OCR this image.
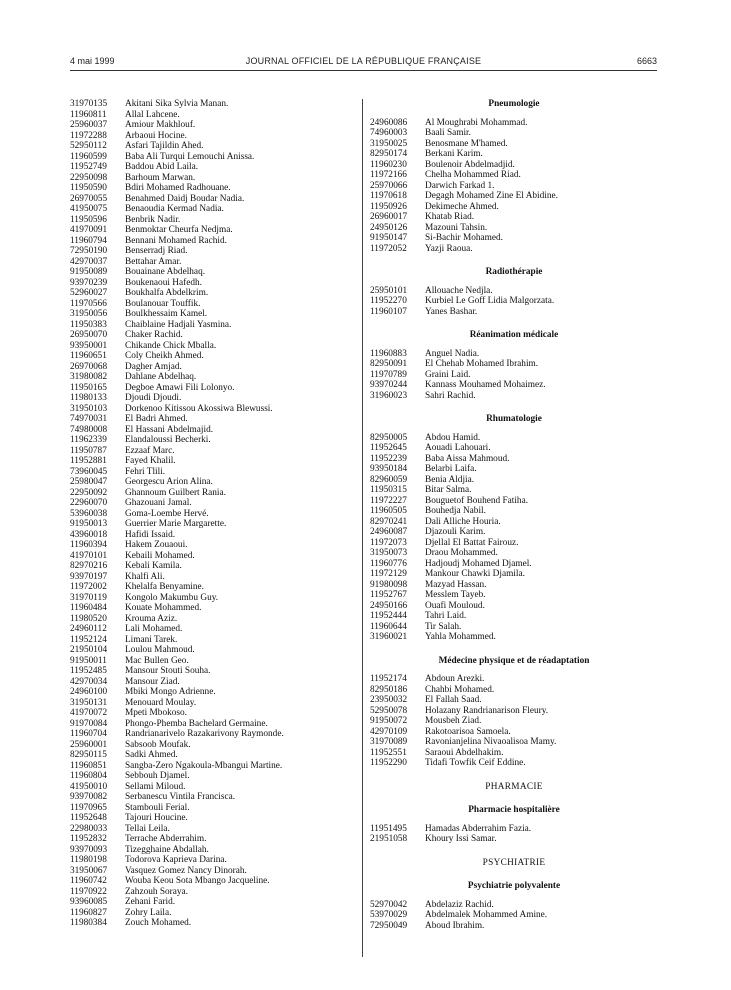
4 mai 1999	JOURNAL OFFICIEL DE LA RÉPUBLIQUE FRANÇAISE	6663
31970135 Akitani Sika Sylvia Manan.
11960811 Allal Lahcene.
25960037 Amiour Makhlouf.
11972288 Arbaoui Hocine.
52950112 Asfari Tajildin Ahed.
11960599 Baba Ali Turqui Lemouchi Anissa.
11952749 Baddou Abid Laila.
22950098 Barhoum Marwan.
11950590 Bdiri Mohamed Radhouane.
26970055 Benahmed Daidj Boudar Nadia.
41950075 Benaoudia Kermad Nadia.
11950596 Benbrik Nadir.
41970091 Benmoktar Cheurfa Nedjma.
11960794 Bennani Mohamed Rachid.
72950190 Benserradj Riad.
42970037 Bettahar Amar.
91950089 Bouainane Abdelhaq.
93970239 Boukenaoui Hafedh.
52960027 Boukhalfa Abdelkrim.
11970566 Boulanouar Touffik.
31950056 Boulkhessaim Kamel.
11950383 Chaiblaine Hadjali Yasmina.
26950070 Chaker Rachid.
93950001 Chikande Chick Mballa.
11960651 Coly Cheikh Ahmed.
26970068 Dagher Amjad.
31980082 Dahlane Abdelhaq.
11950165 Degboe Amawi Fili Lolonyo.
11980133 Djoudi Djoudi.
31950103 Dorkenoo Kitissou Akossiwa Blewussi.
74970031 El Badri Ahmed.
74980008 El Hassani Abdelmajid.
11962339 Elandaloussi Becherki.
11950787 Ezzaaf Marc.
11952881 Fayed Khalil.
73960045 Fehri Tlili.
25980047 Georgescu Arion Alina.
22950092 Ghannoum Guilbert Rania.
22960070 Ghazouani Jamal.
53960038 Goma-Loembe Hervé.
91950013 Guerrier Marie Margarette.
43960018 Hafidi Issaid.
11960394 Hakem Zouaoui.
41970101 Kebaili Mohamed.
82970216 Kebali Kamila.
93970197 Khalfi Ali.
11972002 Khelalfa Benyamine.
31970119 Kongolo Makumbu Guy.
11960484 Kouate Mohammed.
11980520 Krouma Aziz.
24960112 Lali Mohamed.
11952124 Limani Tarek.
21950104 Loulou Mahmoud.
91950011 Mac Bullen Geo.
11952485 Mansour Stouti Souha.
42970034 Mansour Ziad.
24960100 Mbiki Mongo Adrienne.
31950131 Menouard Moulay.
41970072 Mpeti Mbokoso.
91970084 Phongo-Phemba Bachelard Germaine.
11960704 Randrianarivelo Razakarivony Raymonde.
25960001 Sabsoob Moufak.
82950115 Sadki Ahmed.
11960851 Sangba-Zero Ngakoula-Mbangui Martine.
11960804 Sebbouh Djamel.
41950010 Sellami Miloud.
93970082 Serbanescu Vintila Francisca.
11970965 Stambouli Ferial.
11952648 Tajouri Houcine.
22980033 Tellai Leila.
11952832 Terrache Abderrahim.
93970093 Tizegghaine Abdallah.
11980198 Todorova Kaprieva Darina.
31950067 Vasquez Gomez Nancy Dinorah.
11960742 Wouba Keou Sota Mbango Jacqueline.
11970922 Zahzouh Soraya.
93960085 Zehani Farid.
11960827 Zohry Laila.
11980384 Zouch Mohamed.
Pneumologie
24960086 Al Moughrabi Mohammad.
74960003 Baali Samir.
31950025 Benosmane M'hamed.
82950174 Berkani Karim.
11960230 Boulenoir Abdelmadjid.
11972166 Chelha Mohammed Riad.
25970066 Darwich Farkad 1.
11970618 Degagh Mohamed Zine El Abidine.
11950926 Dekimeche Ahmed.
26960017 Khatab Riad.
24950126 Mazouni Tahsin.
91950147 Si-Bachir Mohamed.
11972052 Yazji Raoua.
Radiothérapie
25950101 Allouache Nedjla.
11952270 Kurbiel Le Goff Lidia Malgorzata.
11960107 Yanes Bashar.
Réanimation médicale
11960883 Anguel Nadia.
82950091 El Chehab Mohamed Ibrahim.
11970789 Graini Laid.
93970244 Kannass Mouhamed Mohaimez.
31960023 Sahri Rachid.
Rhumatologie
82950005 Abdou Hamid.
11952645 Aouadi Lahouari.
11952239 Baba Aissa Mahmoud.
93950184 Belarbi Laifa.
82960059 Benia Aldjia.
11950315 Bitar Salma.
11972227 Bouguetof Bouhend Fatiha.
11960505 Bouhedja Nabil.
82970241 Dali Alliche Houria.
24960087 Djazouli Karim.
11972073 Djellal El Battat Fairouz.
31950073 Draou Mohammed.
11960776 Hadjoudj Mohamed Djamel.
11972129 Mankour Chawki Djamila.
91980098 Mazyad Hassan.
11952767 Messlem Tayeb.
24950166 Ouafi Mouloud.
11952444 Tahri Laid.
11960644 Tir Salah.
31960021 Yahla Mohammed.
Médecine physique et de réadaptation
11952174 Abdoun Arezki.
82950186 Chahbi Mohamed.
23950032 El Fallah Saad.
52950078 Holazany Randrianarison Fleury.
91950072 Mousbeh Ziad.
42970109 Rakotoarisoa Samoela.
31970089 Ravonianjelina Nivaoalisoa Mamy.
11952551 Saraoui Abdelhakim.
11952290 Tidafi Towfik Ceif Eddine.
PHARMACIE
Pharmacie hospitalière
11951495 Hamadas Abderrahim Fazia.
21951058 Khoury Issi Samar.
PSYCHIATRIE
Psychiatrie polyvalente
52970042 Abdelaziz Rachid.
53970029 Abdelmalek Mohammed Amine.
72950049 Aboud Ibrahim.
